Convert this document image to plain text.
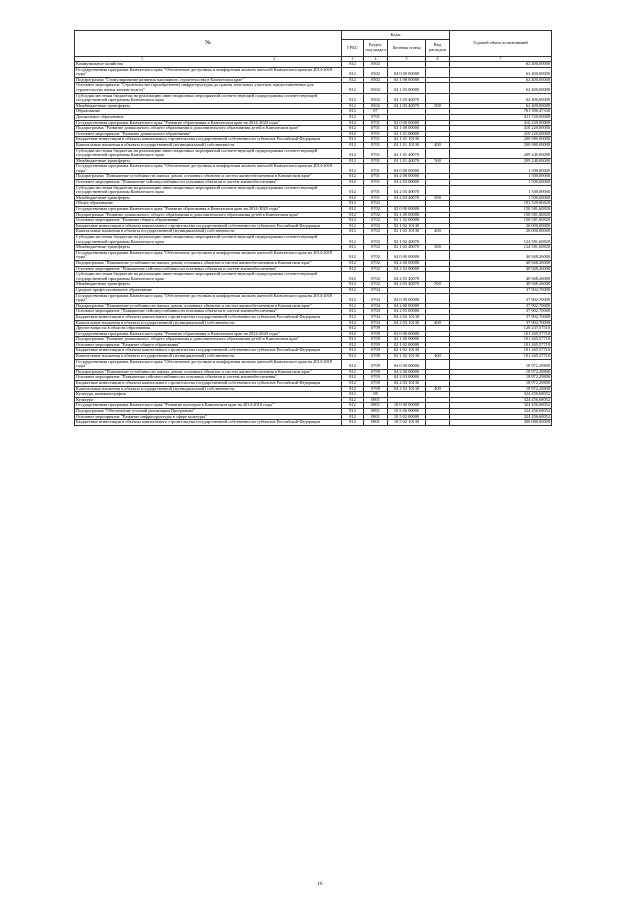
№	Коды				Годовой объем ассигнований
	ГРБС	Раздел, под-раздел	Целевая статья	Вид расходов	
1 2	3	4	5	6	7
Коммунальное хозяйство	812	0502			62 400,00000
Государственная программа Камчатского края "Обеспечение доступным и комфортным жильем жителей Камчатского края на 2014-2018 годы"	812	0502	04 0 00 00000		62 400,00000
Подпрограмма "Стимулирование развития жилищного строительства в Камчатском крае"	812	0502	04 1 00 00000		62 400,00000
Основное мероприятие "Строительство (приобретение) инфраструктуры до границ земельных участков, предоставленных для строительства жилья эконом-класса"	812	0502	04 1 03 00000		62 400,00000
Субсидии местным бюджетам на реализацию инвестиционных мероприятий соответствующей подпрограммы соответствующей государственной программы Камчатского края	812	0502	04 1 03 40070		62 400,00000
Межбюджетные трансферты	812	0502	04 1 03 40070	500	62 400,00000
Образование	812	07			761 390,47330
Дошкольное образование	812	0701			411 720,00000
Государственная программа Камчатского края "Развитие образования в Камчатском крае на 2014-2020 годы"	812	0701	02 0 00 00000		410 220,00000
Подпрограмма "Развитие дошкольного, общего образования и дополнительного образования детей в Камчатском крае"	812	0701	02 1 00 00000		410 220,00000
Основное мероприятие "Развитие дошкольного образования"	812	0701	02 1 01 00000		410 220,00000
Бюджетные инвестиции в объекты капитального строительства государственной собственности субъектов Российской Федерации	812	0701	02 1 01 10130		200 980,00000
Капитальные вложения в объекты государственной (муниципальной) собственности	812	0701	02 1 01 10130	400	200 980,00000
Субсидии местным бюджетам на реализацию инвестиционных мероприятий соответствующей подпрограммы соответствующей государственной программы Камчатского края	812	0701	02 1 01 40070		209 240,00000
Межбюджетные трансферты	812	0701	02 1 01 40070	500	209 240,00000
Государственная программа Камчатского края "Обеспечение доступным и комфортным жильем жителей Камчатского края на 2014-2018 годы"	812	0701	04 0 00 00000		1 500,00000
Подпрограмма "Повышение устойчивости жилых домов, основных объектов и систем жизнеобеспечения в Камчатском крае"	812	0701	04 2 00 00000		1 500,00000
Основное мероприятие "Повышение сейсмоустойчивости основных объектов и систем жизнеобеспечения"	812	0701	04 2 03 00000		1 500,00000
Субсидии местным бюджетам на реализацию инвестиционных мероприятий соответствующей подпрограммы соответствующей государственной программы Камчатского края	812	0701	04 2 03 40070		1 500,00000
Межбюджетные трансферты	812	0701	04 2 03 40070	500	1 500,00000
Общее образование	812	0702			191 529,86820
Государственная программа Камчатского края "Развитие образования в Камчатском крае на 2014-2020 годы"	812	0702	02 0 00 00000		150 581,60820
Подпрограмма "Развитие дошкольного, общего образования и дополнительного образования детей в Камчатском крае"	812	0702	02 1 00 00000		150 581,60820
Основное мероприятие "Развитие общего образования"	812	0702	02 1 02 00000		150 581,60820
Бюджетные инвестиции в объекты капитального строительства государственной собственности субъектов Российской Федерации	812	0702	02 1 02 10130		26 000,00000
Капитальные вложения в объекты государственной (муниципальной) собственности	812	0702	02 1 02 10130	400	26 000,00000
Субсидии местным бюджетам на реализацию инвестиционных мероприятий соответствующей подпрограммы соответствующей государственной программы Камчатского края	812	0702	02 1 02 40070		124 581,60820
Межбюджетные трансферты	812	0702	02 1 02 40070	500	124 581,60820
Государственная программа Камчатского края "Обеспечение доступным и комфортным жильем жителей Камчатского края на 2014-2018 годы"	812	0702	04 0 00 00000		40 948,26000
Подпрограмма "Повышение устойчивости жилых домов, основных объектов и систем жизнеобеспечения в Камчатском крае"	812	0702	04 2 00 00000		40 948,26000
Основное мероприятие "Повышение сейсмоустойчивости основных объектов и систем жизнеобеспечения"	812	0702	04 2 03 00000		40 948,26000
Субсидии местным бюджетам на реализацию инвестиционных мероприятий соответствующей подпрограммы соответствующей государственной программы Камчатского края	812	0702	04 2 03 40070		40 948,26000
Межбюджетные трансферты	812	0702	04 2 03 40070	500	40 948,26000
Среднее профессиональное образование	812	0704			37 902,70000
Государственная программа Камчатского края "Обеспечение доступным и комфортным жильем жителей Камчатского края на 2014-2018 годы"	812	0704	04 0 00 00000		37 902,70000
Подпрограмма "Повышение устойчивости жилых домов, основных объектов и систем жизнеобеспечения в Камчатском крае"	812	0704	04 2 00 00000		37 902,70000
Основное мероприятие "Повышение сейсмоустойчивости основных объектов и систем жизнеобеспечения"	812	0704	04 2 03 00000		37 902,70000
Бюджетные инвестиции в объекты капитального строительства государственной собственности субъектов Российской Федерации	812	0704	04 2 03 10130		37 902,70000
Капитальные вложения в объекты государственной (муниципальной) собственности	812	0704	04 2 03 10130	400	37 902,70000
Другие вопросы в области образования	812	0709			120 237,57510
Государственная программа Камчатского края "Развитие образования в Камчатском крае на 2014-2020 годы"	812	0709	02 0 00 00000		101 265,57710
Подпрограмма "Развитие дошкольного, общего образования и дополнительного образования детей в Камчатском крае"	812	0709	02 1 00 00000		101 265,57710
Основное мероприятие "Развитие общего образования"	812	0709	02 1 02 00000		101 265,57710
Бюджетные инвестиции в объекты капитального строительства государственной собственности субъектов Российской Федерации	812	0709	02 1 02 10130		101 265,57710
Капитальные вложения в объекты государственной (муниципальной) собственности	812	0709	02 1 02 10130	400	101 265,57710
Государственная программа Камчатского края "Обеспечение доступным и комфортным жильем жителей Камчатского края на 2014-2018 годы"	812	0709	04 0 00 00000		18 972,29800
Подпрограмма "Повышение устойчивости жилых домов, основных объектов и систем жизнеобеспечения в Камчатском крае"	812	0709	04 2 00 00000		18 972,29800
Основное мероприятие "Повышение сейсмоустойчивости основных объектов и систем жизнеобеспечения"	812	0709	04 2 03 00000		18 972,29800
Бюджетные инвестиции в объекты капитального строительства государственной собственности субъектов Российской Федерации	812	0709	04 2 03 10130		18 972,29800
Капитальные вложения в объекты государственной (муниципальной) собственности	812	0709	04 2 03 10130	400	18 972,29800
Культура, кинематография	812	08			324 456,68052
Культура	812	0801			324 456,68052
Государственная программа Камчатского края "Развитие культуры в Камчатском крае на 2014-2018 годы"	812	0801	10 0 00 00000		324 456,68052
Подпрограмма "Обеспечение условий реализации Программы"	812	0801	10 5 00 00000		324 456,68052
Основное мероприятие "Развитие инфраструктуры в сфере культуры"	812	0801	10 5 02 00000		324 456,68052
Бюджетные инвестиции в объекты капитального строительства государственной собственности субъектов Российской Федерации	812	0801	10 5 02 10130		300 000,00000
16
